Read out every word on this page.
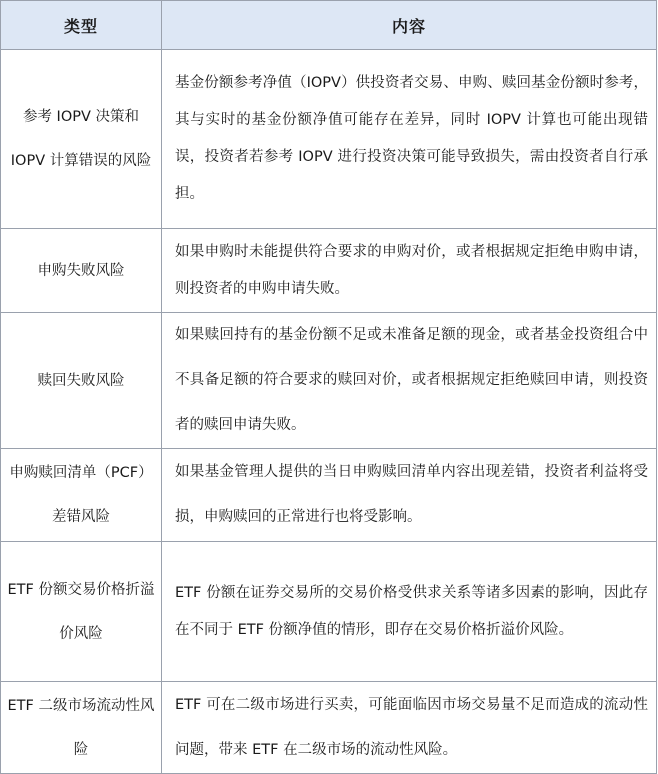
类型	内容
参考 IOPV 决策和 IOPV 计算错误的风险	基金份额参考净值（IOPV）供投资者交易、申购、赎回基金份额时参考，其与实时的基金份额净值可能存在差异，同时 IOPV 计算也可能出现错误，投资者若参考 IOPV 进行投资决策可能导致损失，需由投资者自行承担。
申购失败风险	如果申购时未能提供符合要求的申购对价，或者根据规定拒绝申购申请，则投资者的申购申请失败。
赎回失败风险	如果赎回持有的基金份额不足或未准备足额的现金，或者基金投资组合中不具备足额的符合要求的赎回对价，或者根据规定拒绝赎回申请，则投资者的赎回申请失败。
申购赎回清单（PCF）差错风险	如果基金管理人提供的当日申购赎回清单内容出现差错，投资者利益将受损，申购赎回的正常进行也将受影响。
ETF 份额交易价格折溢价风险	ETF 份额在证券交易所的交易价格受供求关系等诸多因素的影响，因此存在不同于 ETF 份额净值的情形，即存在交易价格折溢价风险。
ETF 二级市场流动性风险	ETF 可在二级市场进行买卖，可能面临因市场交易量不足而造成的流动性问题，带来 ETF 在二级市场的流动性风险。
